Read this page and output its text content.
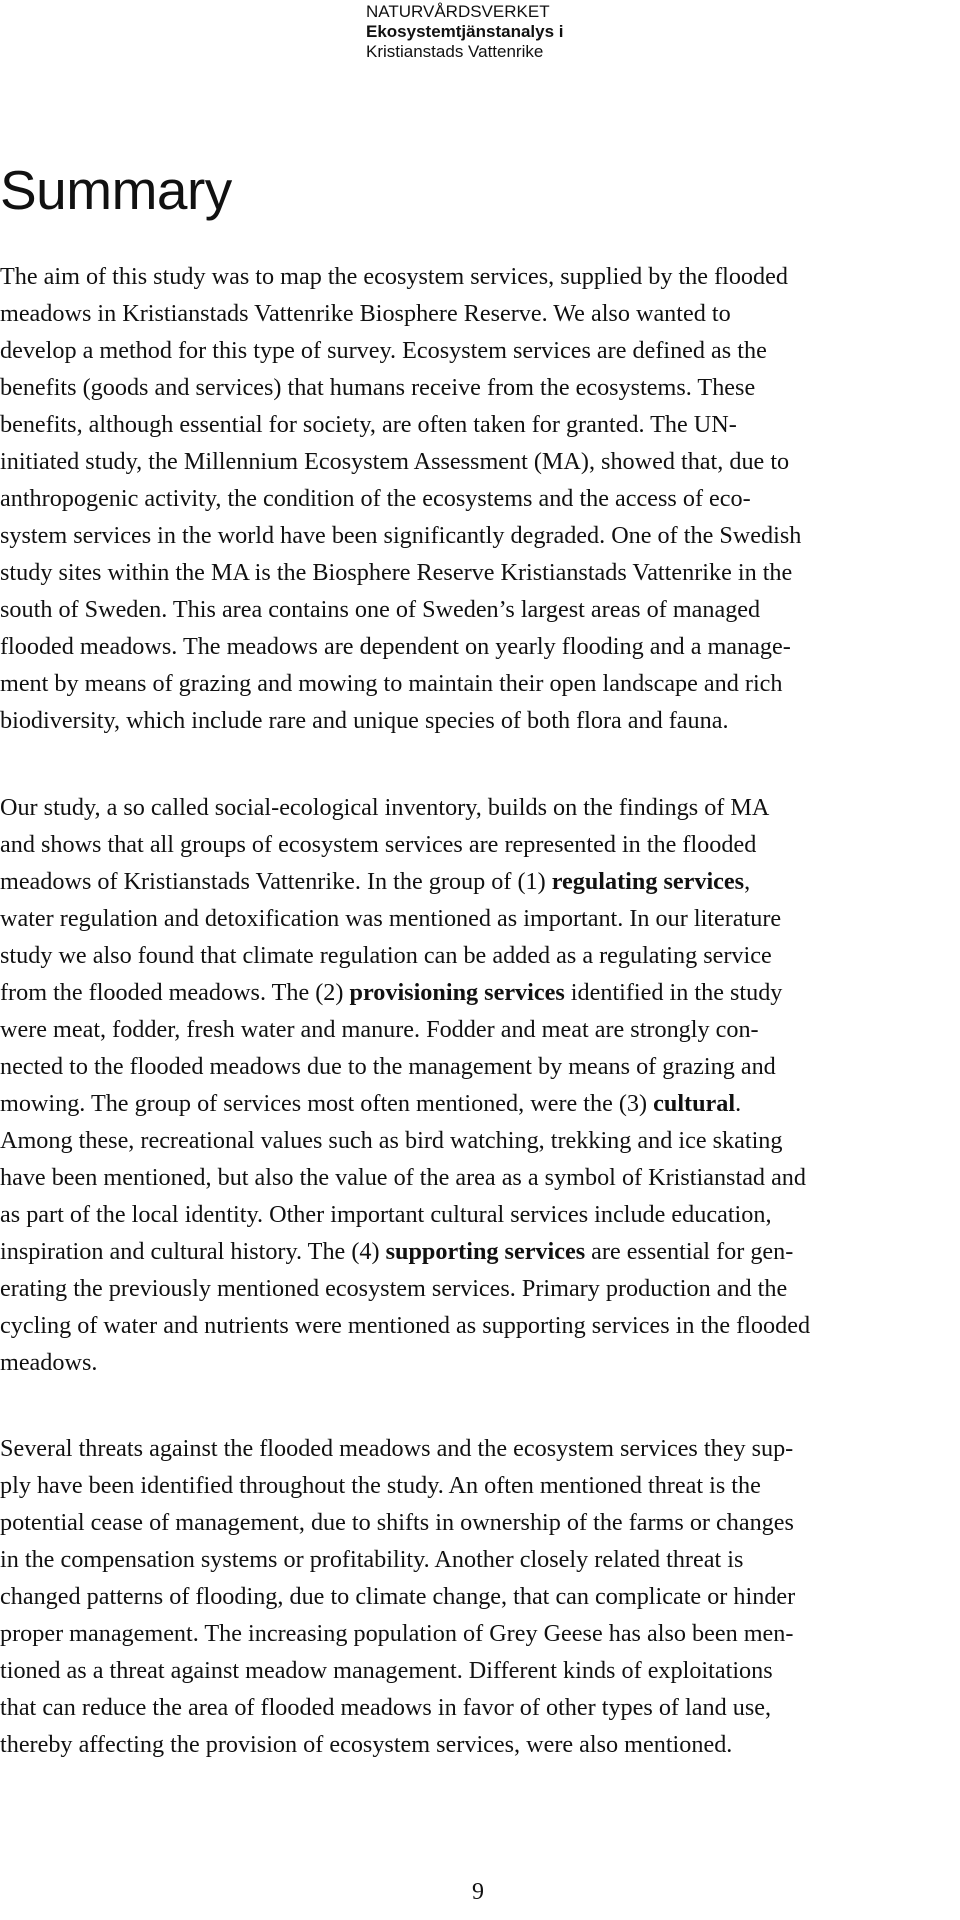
NATURVÅRDSVERKET
Ekosystemtjänstanalys i
Kristianstads Vattenrike
Summary

The aim of this study was to map the ecosystem services, supplied by the flooded
meadows in Kristianstads Vattenrike Biosphere Reserve. We also wanted to
develop a method for this type of survey. Ecosystem services are defined as the
benefits (goods and services) that humans receive from the ecosystems. These
benefits, although essential for society, are often taken for granted. The UN-
initiated study, the Millennium Ecosystem Assessment (MA), showed that, due to
anthropogenic activity, the condition of the ecosystems and the access of eco-
system services in the world have been significantly degraded. One of the Swedish
study sites within the MA is the Biosphere Reserve Kristianstads Vattenrike in the
south of Sweden. This area contains one of Sweden’s largest areas of managed
flooded meadows. The meadows are dependent on yearly flooding and a manage-
ment by means of grazing and mowing to maintain their open landscape and rich
biodiversity, which include rare and unique species of both flora and fauna.

Our study, a so called social-ecological inventory, builds on the findings of MA
and shows that all groups of ecosystem services are represented in the flooded
meadows of Kristianstads Vattenrike. In the group of (1) regulating services,
water regulation and detoxification was mentioned as important. In our literature
study we also found that climate regulation can be added as a regulating service
from the flooded meadows. The (2) provisioning services identified in the study
were meat, fodder, fresh water and manure. Fodder and meat are strongly con-
nected to the flooded meadows due to the management by means of grazing and
mowing. The group of services most often mentioned, were the (3) cultural.
Among these, recreational values such as bird watching, trekking and ice skating
have been mentioned, but also the value of the area as a symbol of Kristianstad and
as part of the local identity. Other important cultural services include education,
inspiration and cultural history. The (4) supporting services are essential for gen-
erating the previously mentioned ecosystem services. Primary production and the
cycling of water and nutrients were mentioned as supporting services in the flooded
meadows.

Several threats against the flooded meadows and the ecosystem services they sup-
ply have been identified throughout the study. An often mentioned threat is the
potential cease of management, due to shifts in ownership of the farms or changes
in the compensation systems or profitability. Another closely related threat is
changed patterns of flooding, due to climate change, that can complicate or hinder
proper management. The increasing population of Grey Geese has also been men-
tioned as a threat against meadow management. Different kinds of exploitations
that can reduce the area of flooded meadows in favor of other types of land use,
thereby affecting the provision of ecosystem services, were also mentioned.

9
